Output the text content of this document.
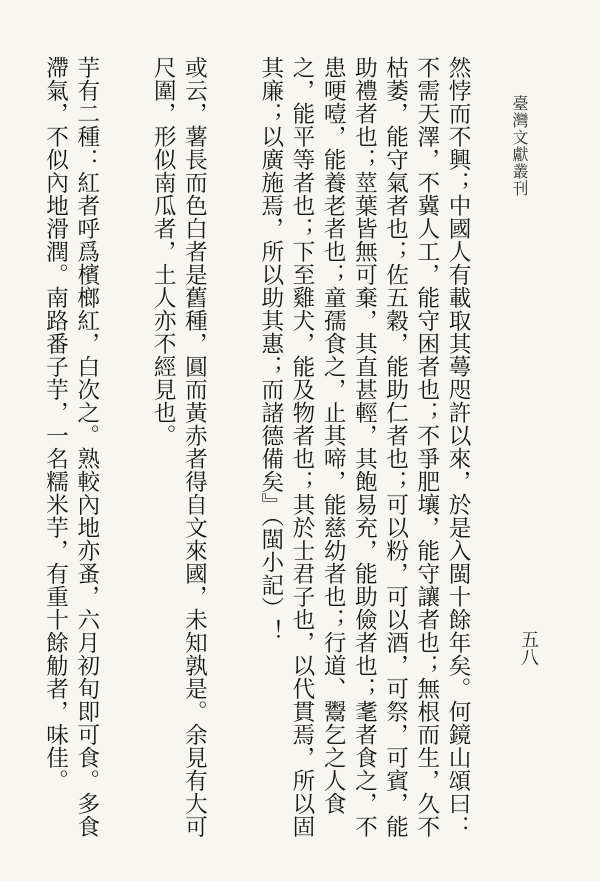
臺灣文獻叢刊
五八

然悖而不興；中國人有載取其蕚咫許以來，於是入閩十餘年矣。何鏡山頌曰：不需天澤，不冀人工，能守困者也；不爭肥壤，能守讓者也；無根而生，久不枯萎，能守氣者也；佐五穀，能助仁者也；可以粉，可以酒，可祭，可賓，能助禮者也；莖葉皆無可棄，其直甚輕，其飽易充，能助儉者也；耄者食之，不患哽噎，能養老者也；童孺食之，止其啼，能慈幼者也；行道、鬻乞之人食之，能平等者也；下至雞犬，能及物者也；其於士君子也，以代貫焉，所以固其廉；以廣施焉，所以助其惠；而諸德備矣』（閩小記）！

或云，薯長而色白者是舊種，圓而黃赤者得自文來國，未知孰是。余見有大可尺圍，形似南瓜者，土人亦不經見也。

芋有二種：紅者呼爲檳榔紅，白次之。熟較內地亦蚤，六月初旬即可食。多食滯氣，不似內地滑潤。南路番子芋，一名糯米芋，有重十餘觔者，味佳。
